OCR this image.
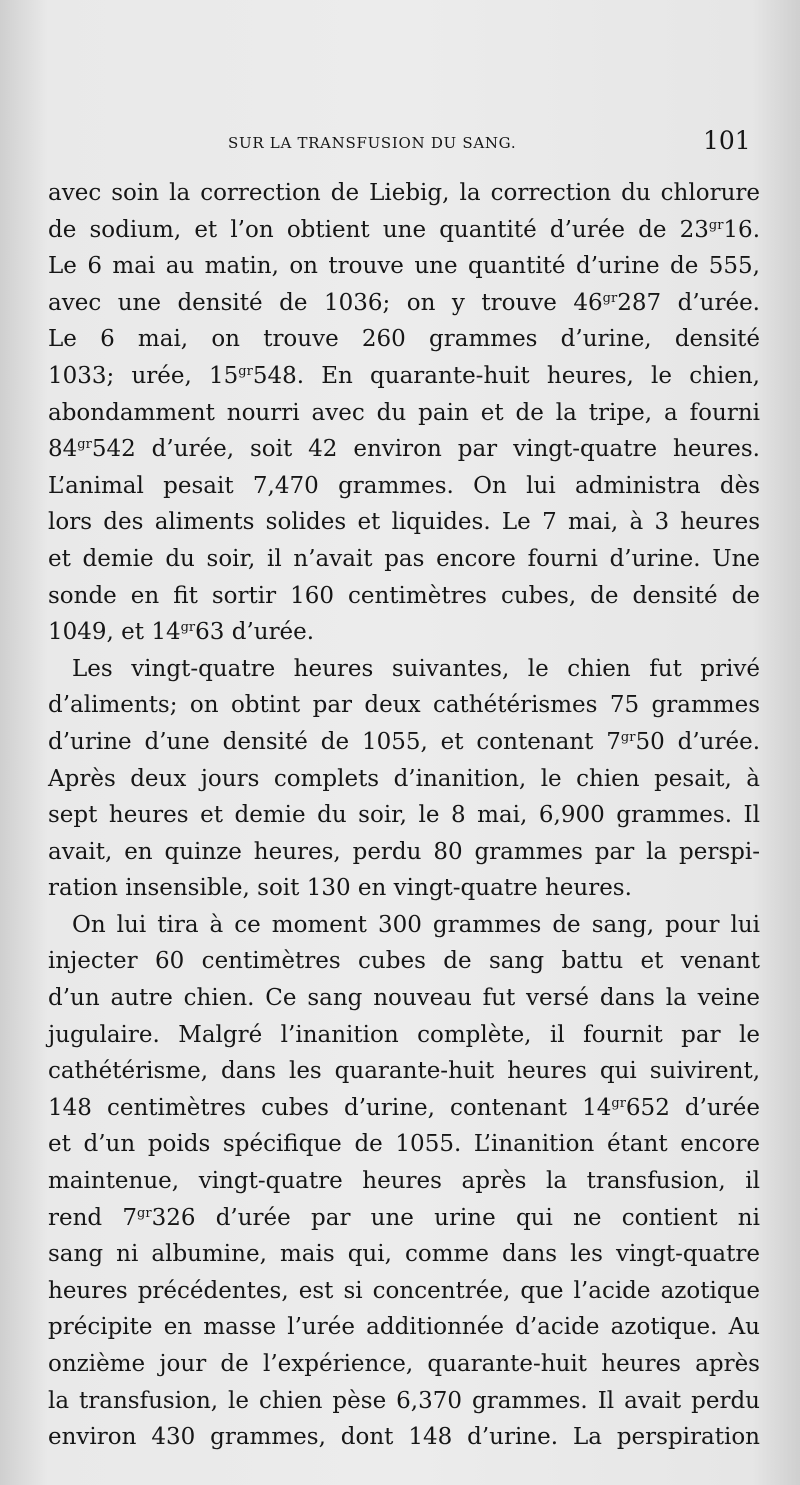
SUR LA TRANSFUSION DU SANG.	101
avec soin la correction de Liebig, la correction du chlorure
de sodium, et l’on obtient une quantité d’urée de $23^{gr}16$.
Le 6 mai au matin, on trouve une quantité d’urine de 555,
avec une densité de 1036; on y trouve $46^{gr}287$ d’urée.
Le 6 mai, on trouve 260 grammes d’urine, densité
1033; urée, $15^{gr}548$. En quarante-huit heures, le chien,
abondamment nourri avec du pain et de la tripe, a fourni
$84^{gr}542$ d’urée, soit 42 environ par vingt-quatre heures.
L’animal pesait 7,470 grammes. On lui administra dès
lors des aliments solides et liquides. Le 7 mai, à 3 heures
et demie du soir, il n’avait pas encore fourni d’urine. Une
sonde en fit sortir 160 centimètres cubes, de densité de
1049, et $14^{gr}63$ d’urée.
Les vingt-quatre heures suivantes, le chien fut privé
d’aliments; on obtint par deux cathétérismes 75 grammes
d’urine d’une densité de 1055, et contenant $7^{gr}50$ d’urée.
Après deux jours complets d’inanition, le chien pesait, à
sept heures et demie du soir, le 8 mai, 6,900 grammes. Il
avait, en quinze heures, perdu 80 grammes par la perspi-
ration insensible, soit 130 en vingt-quatre heures.
On lui tira à ce moment 300 grammes de sang, pour lui
injecter 60 centimètres cubes de sang battu et venant
d’un autre chien. Ce sang nouveau fut versé dans la veine
jugulaire. Malgré l’inanition complète, il fournit par le
cathétérisme, dans les quarante-huit heures qui suivirent,
148 centimètres cubes d’urine, contenant $14^{gr}652$ d’urée
et d’un poids spécifique de 1055. L’inanition étant encore
maintenue, vingt-quatre heures après la transfusion, il
rend $7^{gr}326$ d’urée par une urine qui ne contient ni
sang ni albumine, mais qui, comme dans les vingt-quatre
heures précédentes, est si concentrée, que l’acide azotique
précipite en masse l’urée additionnée d’acide azotique. Au
onzième jour de l’expérience, quarante-huit heures après
la transfusion, le chien pèse 6,370 grammes. Il avait perdu
environ 430 grammes, dont 148 d’urine. La perspiration
